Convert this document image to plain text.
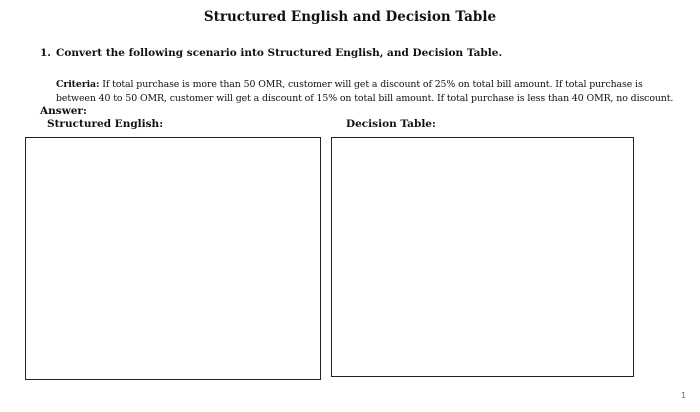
Structured English and Decision Table
1. Convert the following scenario into Structured English, and Decision Table.
Criteria: If total purchase is more than 50 OMR, customer will get a discount of 25% on total bill amount. If total purchase is between 40 to 50 OMR, customer will get a discount of 15% on total bill amount. If total purchase is less than 40 OMR, no discount.
Answer:
Structured English:	Decision Table:
1
